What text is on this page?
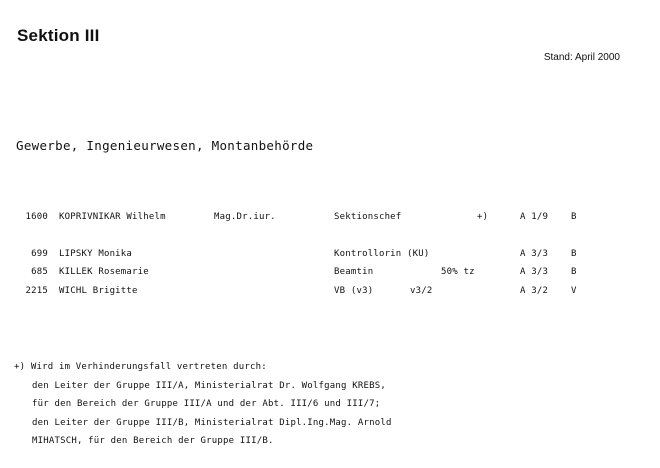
Sektion III
Stand: April 2000
Gewerbe, Ingenieurwesen, Montanbehörde
1600 KOPRIVNIKAR Wilhelm	Mag.Dr.iur.	Sektionschef	+)	A 1/9	B
699 LIPSKY Monika	Kontrollorin (KU)	A 3/3	B
685 KILLEK Rosemarie	Beamtin	50% tz	A 3/3	B
2215 WICHL Brigitte	VB (v3)	v3/2	A 3/2	V
+) Wird im Verhinderungsfall vertreten durch:
den Leiter der Gruppe III/A, Ministerialrat Dr. Wolfgang KREBS,
für den Bereich der Gruppe III/A und der Abt. III/6 und III/7;
den Leiter der Gruppe III/B, Ministerialrat Dipl.Ing.Mag. Arnold
MIHATSCH, für den Bereich der Gruppe III/B.
